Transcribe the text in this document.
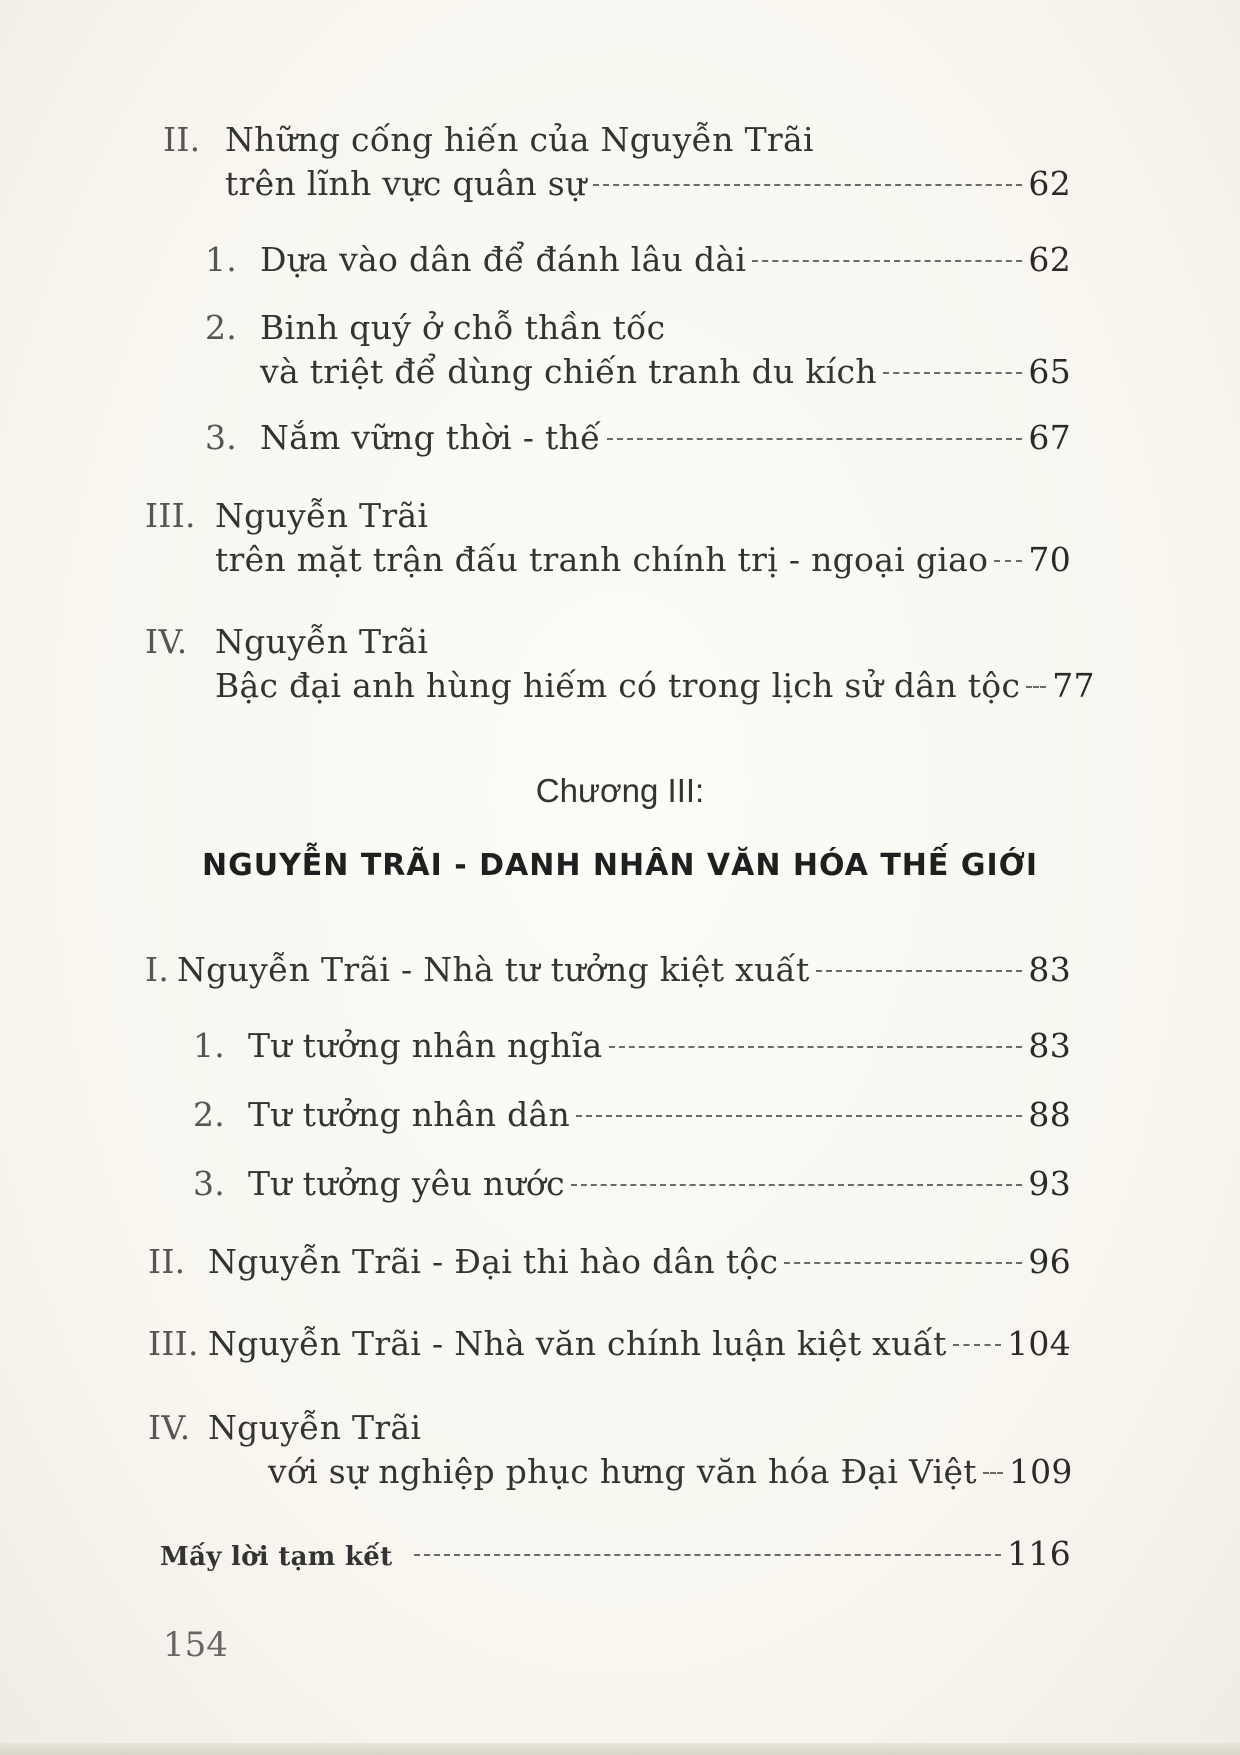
II. Những cống hiến của Nguyễn Trãi
trên lĩnh vực quân sự	62
1. Dựa vào dân để đánh lâu dài	62
2. Binh quý ở chỗ thần tốc
và triệt để dùng chiến tranh du kích	65
3. Nắm vững thời - thế	67
III. Nguyễn Trãi
trên mặt trận đấu tranh chính trị - ngoại giao 70
IV. Nguyễn Trãi
Bậc đại anh hùng hiếm có trong lịch sử dân tộc 77
Chương III:
NGUYỄN TRÃI - DANH NHÂN VĂN HÓA THẾ GIỚI
I. Nguyễn Trãi - Nhà tư tưởng kiệt xuất	83
1. Tư tưởng nhân nghĩa	83
2. Tư tưởng nhân dân	88
3. Tư tưởng yêu nước	93
II. Nguyễn Trãi - Đại thi hào dân tộc	96
III. Nguyễn Trãi - Nhà văn chính luận kiệt xuất 104
IV. Nguyễn Trãi
với sự nghiệp phục hưng văn hóa Đại Việt 109
Mấy lời tạm kết	116
154
